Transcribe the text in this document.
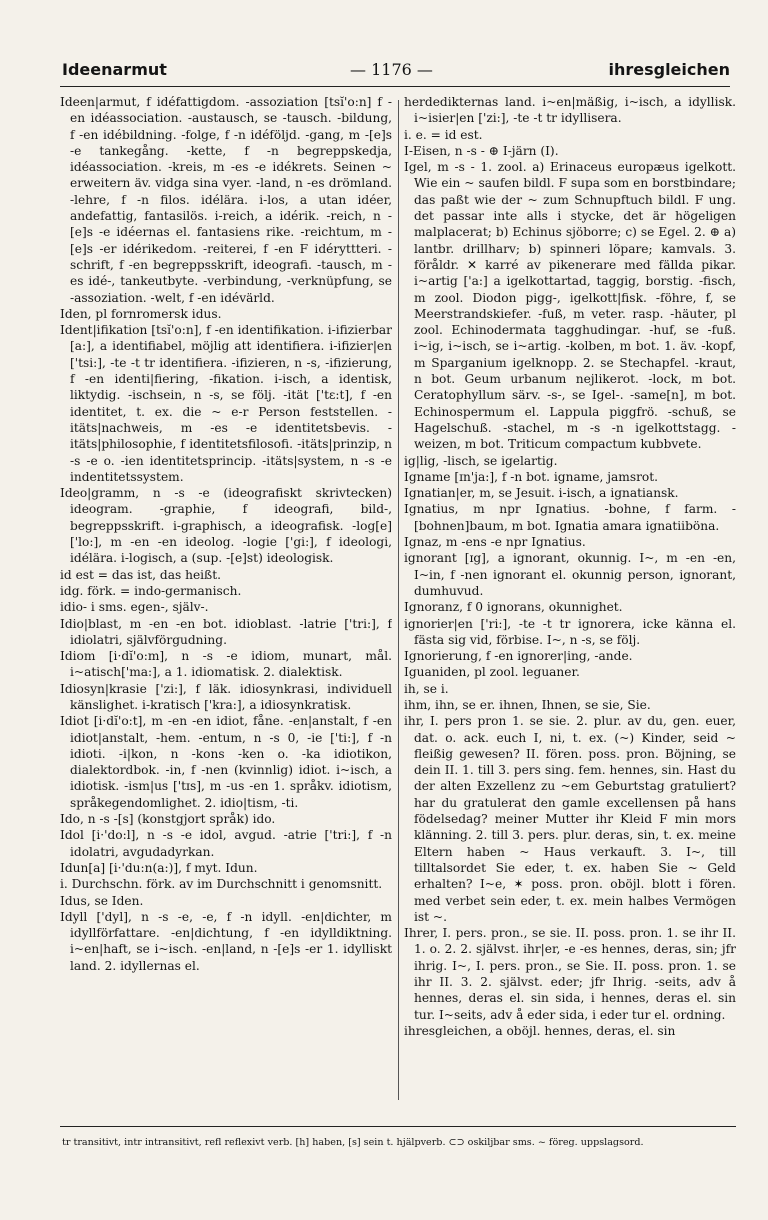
Ideenarmut	— 1176 —	ihresgleichen

Ideen|armut, f idéfattigdom. -assoziation [tsĭ'o:n] f -en idéassociation. -austausch, se -tausch. -bildung, f -en idébildning. -folge, f -n idéföljd. -gang, m -[e]s -e tankegång. -kette, f -n begreppskedja, idéassociation. -kreis, m -es -e idékrets. Seinen ~ erweitern äv. vidga sina vyer. -land, n -es drömland. -lehre, f -n filos. idélära. i-los, a utan idéer, andefattig, fantasilös. i-reich, a idérik. -reich, n -[e]s -e idéernas el. fantasiens rike. -reichtum, m -[e]s -er idérikedom. -reiterei, f -en F idéryttteri. -schrift, f -en begreppsskrift, ideografi. -tausch, m -es idé-, tankeutbyte. -verbindung, -verknüpfung, se -assoziation. -welt, f -en idévärld.

Iden, pl fornromersk idus.

Ident|ifikation [tsĭ'o:n], f -en identifikation. i-ifizierbar [a:], a identifiabel, möjlig att identifiera. i-ifizier|en ['tsi:], -te -t tr identifiera. -ifizieren, n -s, -ifizierung, f -en identi|fiering, -fikation. i-isch, a identisk, liktydig. -ischsein, n -s, se följ. -ität ['tɛ:t], f -en identitet, t. ex. die ~ e-r Person feststellen. -itäts|nachweis, m -es -e identitetsbevis. -itäts|philosophie, f identitetsfilosofi. -itäts|prinzip, n -s -e o. -ien identitetsprincip. -itäts|system, n -s -e indentitetssystem.

Ideo|gramm, n -s -e (ideografiskt skrivtecken) ideogram. -graphie, f ideografi, bild-, begreppsskrift. i-graphisch, a ideografisk. -log[e] ['lo:], m -en -en ideolog. -logie ['gi:], f ideologi, idélära. i-logisch, a (sup. -[e]st) ideologisk.

id est = das ist, das heißt.

idg. förk. = indo-germanisch.

idio- i sms. egen-, själv-.

Idio|blast, m -en -en bot. idioblast. -latrie ['tri:], f idiolatri, självförgudning.

Idiom [i·dĭ'o:m], n -s -e idiom, munart, mål. i~atisch['ma:], a 1. idiomatisk. 2. dialektisk.

Idiosyn|krasie ['zi:], f läk. idiosynkrasi, individuell känslighet. i-kratisch ['kra:], a idiosynkratisk.

Idiot [i·dĭ'o:t], m -en -en idiot, fåne. -en|anstalt, f -en idiot|anstalt, -hem. -entum, n -s 0, -ie ['ti:], f -n idioti. -i|kon, n -kons -ken o. -ka idiotikon, dialektordbok. -in, f -nen (kvinnlig) idiot. i~isch, a idiotisk. -ism|us ['tɪs], m -us -en 1. språkv. idiotism, språkegendomlighet. 2. idio|tism, -ti.

Ido, n -s -[s] (konstgjort språk) ido.

Idol [i·'do:l], n -s -e idol, avgud. -atrie ['tri:], f -n idolatri, avgudadyrkan.

Idun[a] [i·'du:n(a:)], f myt. Idun.

i. Durchschn. förk. av im Durchschnitt i genomsnitt.

Idus, se Iden.

Idyll ['dyl], n -s -e, -e, f -n idyll. -en|dichter, m idyllförfattare. -en|dichtung, f -en idylldiktning. i~en|haft, se i~isch. -en|land, n -[e]s -er 1. idylliskt land. 2. idyllernas el.

herdedikternas land. i~en|mäßig, i~isch, a idyllisk. i~isier|en ['zi:], -te -t tr idyllisera.

i. e. = id est.

I-Eisen, n -s - ⊕ I-järn (I).

Igel, m -s - 1. zool. a) Erinaceus europæus igelkott. Wie ein ~ saufen bildl. F supa som en borstbindare; das paßt wie der ~ zum Schnupftuch bildl. F ung. det passar inte alls i stycke, det är högeligen malplacerat; b) Echinus sjöborre; c) se Egel. 2. ⊕ a) lantbr. drillharv; b) spinneri löpare; kamvals. 3. föråldr. ✕ karré av pikenerare med fällda pikar. i~artig ['a:] a igelkottartad, taggig, borstig. -fisch, m zool. Diodon pigg-, igelkott|fisk. -föhre, f, se Meerstrandskiefer. -fuß, m veter. rasp. -häuter, pl zool. Echinodermata tagghudingar. -huf, se -fuß. i~ig, i~isch, se i~artig. -kolben, m bot. 1. äv. -kopf, m Sparganium igelknopp. 2. se Stechapfel. -kraut, n bot. Geum urbanum nejlikerot. -lock, m bot. Ceratophyllum särv. -s-, se Igel-. -same[n], m bot. Echinospermum el. Lappula piggfrö. -schuß, se Hagelschuß. -stachel, m -s -n igelkottstagg. -weizen, m bot. Triticum compactum kubbvete.

ig|lig, -lisch, se igelartig.

Igname [ɪn'ja:], f -n bot. igname, jamsrot.

Ignatian|er, m, se Jesuit. i-isch, a ignatiansk.

Ignatius, m npr Ignatius. -bohne, f farm. -[bohnen]baum, m bot. Ignatia amara ignatiiböna.

Ignaz, m -ens -e npr Ignatius.

ignorant [ɪg], a ignorant, okunnig. I~, m -en -en, I~in, f -nen ignorant el. okunnig person, ignorant, dumhuvud.

Ignoranz, f 0 ignorans, okunnighet.

ignorier|en ['ri:], -te -t tr ignorera, icke känna el. fästa sig vid, förbise. I~, n -s, se följ.

Ignorierung, f -en ignorer|ing, -ande.

Iguaniden, pl zool. leguaner.

ih, se i.

ihm, ihn, se er. ihnen, Ihnen, se sie, Sie.

ihr, I. pers pron 1. se sie. 2. plur. av du, gen. euer, dat. o. ack. euch I, ni, t. ex. (~) Kinder, seid ~ fleißig gewesen? II. fören. poss. pron. Böjning, se dein II. 1. till 3. pers sing. fem. hennes, sin. Hast du der alten Exzellenz zu ~em Geburtstag gratuliert? har du gratulerat den gamle excellensen på hans födelsedag? meiner Mutter ihr Kleid F min mors klänning. 2. till 3. pers. plur. deras, sin, t. ex. meine Eltern haben ~ Haus verkauft. 3. I~, till tilltalsordet Sie eder, t. ex. haben Sie ~ Geld erhalten? I~e, ✶ poss. pron. oböjl. blott i fören. med verbet sein eder, t. ex. mein halbes Vermögen ist ~.

Ihrer, I. pers. pron., se sie. II. poss. pron. 1. se ihr II. 1. o. 2. 2. självst. ihr|er, -e -es hennes, deras, sin; jfr ihrig. I~, I. pers. pron., se Sie. II. poss. pron. 1. se ihr II. 3. 2. självst. eder; jfr Ihrig. -seits, adv å hennes, deras el. sin sida, i hennes, deras el. sin tur. I~seits, adv å eder sida, i eder tur el. ordning.

ihresgleichen, a oböjl. hennes, deras, el. sin

tr transitivt, intr intransitivt, refl reflexivt verb. [h] haben, [s] sein t. hjälpverb. ⊂⊃ oskiljbar sms. ~ föreg. uppslagsord.
